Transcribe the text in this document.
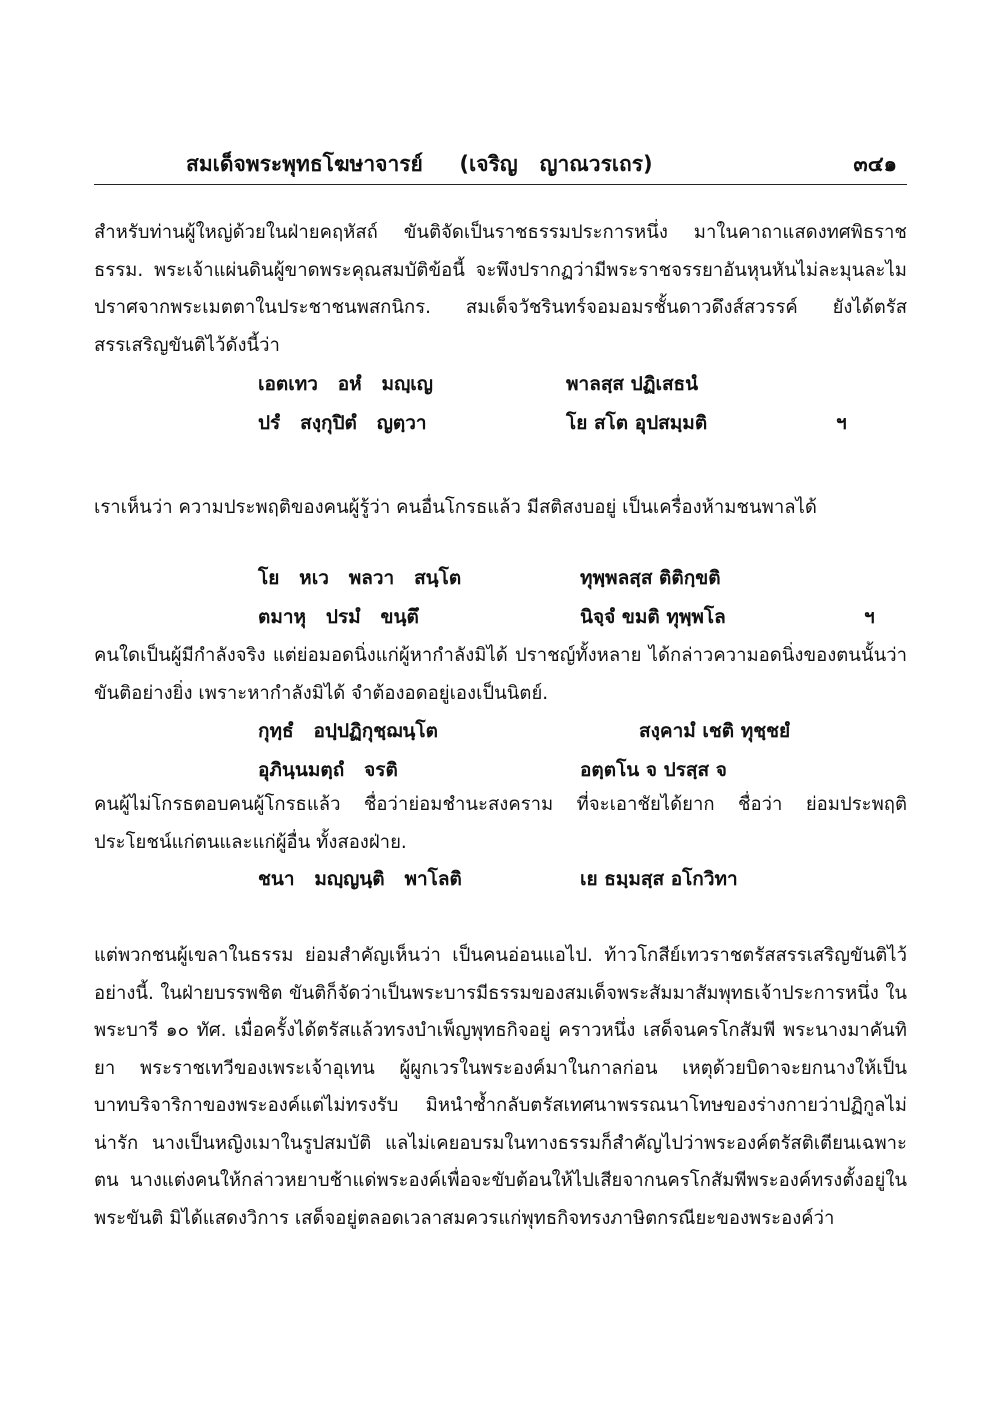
สมเด็จพระพุทธโฆษาจารย์     (เจริญ   ญาณวรเถร)	๓๔๑

สำหรับท่านผู้ใหญ่ด้วยในฝ่ายคฤหัสถ์ ขันติจัดเป็นราชธรรมประการหนึ่ง มาในคาถาแสดงทศพิธราชธรรม. พระเจ้าแผ่นดินผู้ขาดพระคุณสมบัติข้อนี้ จะพึงปรากฏว่ามีพระราชจรรยาอันหุนหันไม่ละมุนละไม ปราศจากพระเมตตาในประชาชนพสกนิกร. สมเด็จวัชรินทร์จอมอมรชั้นดาวดึงส์สวรรค์ ยังได้ตรัสสรรเสริญขันติไว้ดังนี้ว่า

เอตเทว   อหํ   มญฺเญ	พาลสฺส ปฏิเสธนํ
ปรํ   สงฺกุปิตํ   ญตฺวา	โย สโต อุปสมฺมติ	ฯ

เราเห็นว่า ความประพฤติของคนผู้รู้ว่า คนอื่นโกรธแล้ว มีสติสงบอยู่ เป็นเครื่องห้ามชนพาลได้

โย   หเว   พลวา   สนฺโต	ทุพฺพลสฺส ติติกฺขติ
ตมาหุ   ปรมํ   ขนฺตึ	นิจฺจํ ขมติ ทุพฺพโล	ฯ

คนใดเป็นผู้มีกำลังจริง แต่ย่อมอดนิ่งแก่ผู้หากำลังมิได้ ปราชญ์ทั้งหลาย ได้กล่าวความอดนิ่งของตนนั้นว่า ขันติอย่างยิ่ง เพราะหากำลังมิได้ จำต้องอดอยู่เองเป็นนิตย์.

กุทฺธํ   อปฺปฏิกุชฺฌนฺโต	สงฺคามํ เชติ ทุชฺชยํ
อุภินฺนมตฺถํ   จรติ	อตฺตโน จ ปรสฺส จ

คนผู้ไม่โกรธตอบคนผู้โกรธแล้ว ชื่อว่าย่อมชำนะสงคราม ที่จะเอาชัยได้ยาก ชื่อว่า ย่อมประพฤติประโยชน์แก่ตนและแก่ผู้อื่น ทั้งสองฝ่าย.

ชนา   มญฺญนฺติ   พาโลติ	เย ธมฺมสฺส อโกวิทา

แต่พวกชนผู้เขลาในธรรม ย่อมสำคัญเห็นว่า เป็นคนอ่อนแอไป. ท้าวโกสีย์เทวราชตรัสสรรเสริญขันติไว้อย่างนี้. ในฝ่ายบรรพชิต ขันติก็จัดว่าเป็นพระบารมีธรรมของสมเด็จพระสัมมาสัมพุทธเจ้าประการหนึ่ง ในพระบารี ๑๐ ทัศ. เมื่อครั้งได้ตรัสแล้วทรงบำเพ็ญพุทธกิจอยู่ คราวหนึ่ง เสด็จนครโกสัมพี พระนางมาคันทิยา พระราชเทวีของเพระเจ้าอุเทน ผู้ผูกเวรในพระองค์มาในกาลก่อน เหตุด้วยบิดาจะยกนางให้เป็นบาทบริจาริกาของพระองค์แต่ไม่ทรงรับ มิหนำซ้ำกลับตรัสเทศนาพรรณนาโทษของร่างกายว่าปฏิกูลไม่น่ารัก นางเป็นหญิงเมาในรูปสมบัติ แลไม่เคยอบรมในทางธรรมก็สำคัญไปว่าพระองค์ตรัสติเตียนเฉพาะตน นางแต่งคนให้กล่าวหยาบช้าแด่พระองค์เพื่อจะขับต้อนให้ไปเสียจากนครโกสัมพีพระองค์ทรงตั้งอยู่ในพระขันติ มิได้แสดงวิการ เสด็จอยู่ตลอดเวลาสมควรแก่พุทธกิจทรงภาษิตกรณียะของพระองค์ว่า
